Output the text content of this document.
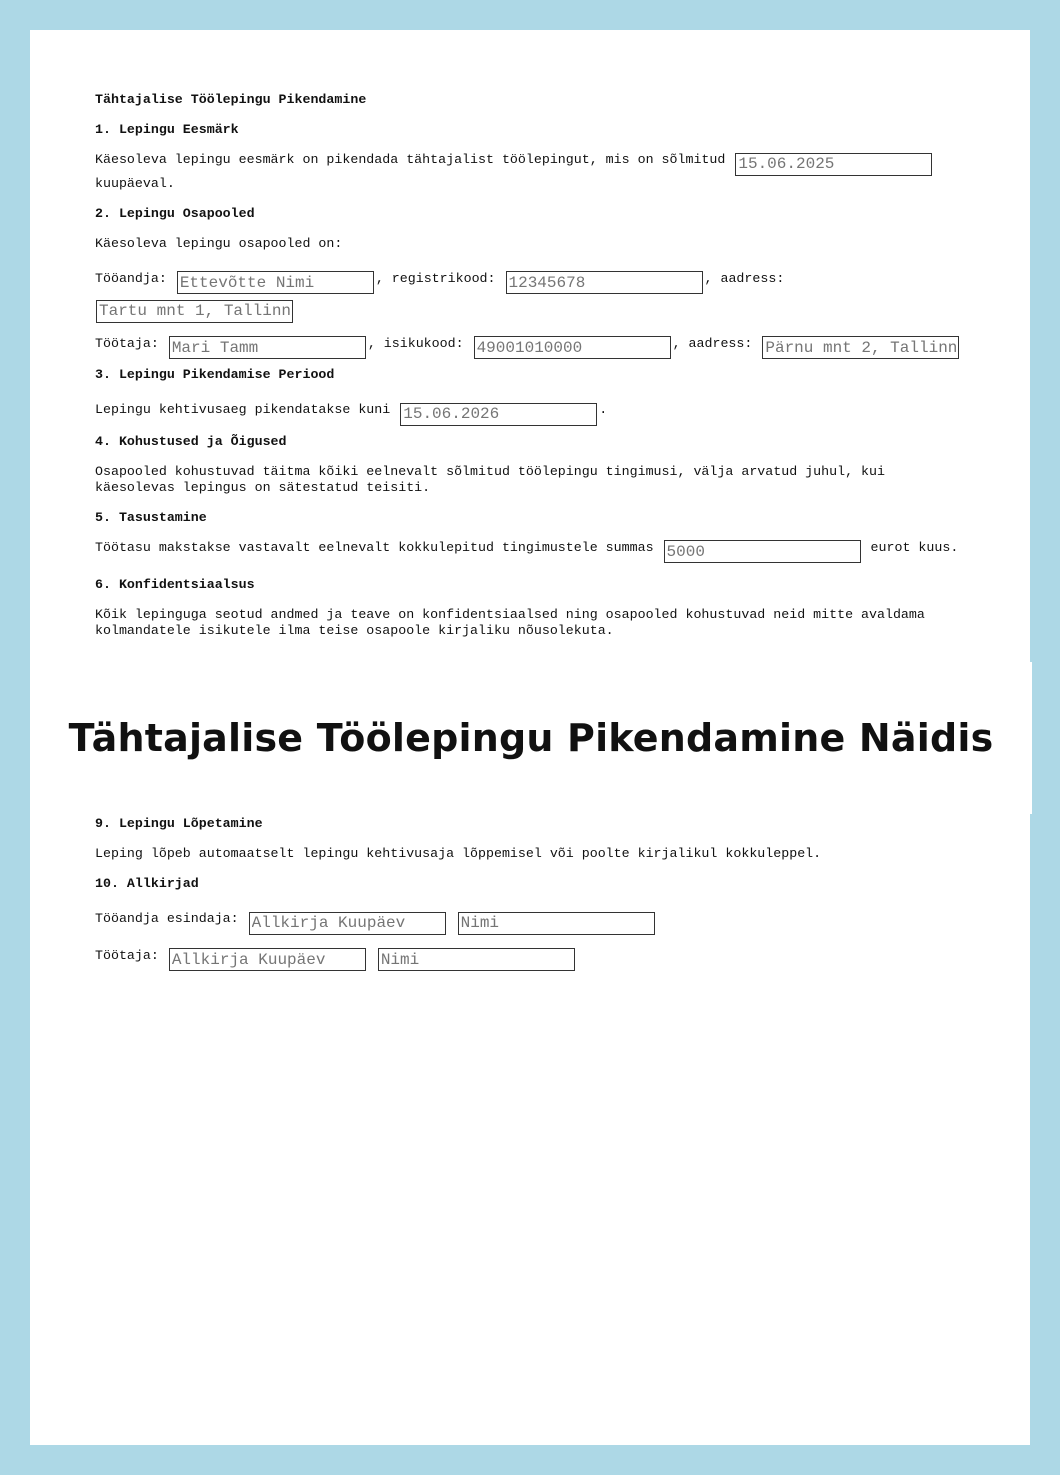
Tähtajalise Töölepingu Pikendamine
1. Lepingu Eesmärk
Käesoleva lepingu eesmärk on pikendada tähtajalist töölepingut, mis on sõlmitud 15.06.2025 kuupäeval.
2. Lepingu Osapooled
Käesoleva lepingu osapooled on:
Tööandja: Ettevõtte Nimi	, registrikood: 12345678	, aadress:
Tartu mnt 1, Tallinn
Töötaja: Mari Tamm	, isikukood: 49001010000	, aadress: Pärnu mnt 2, Tallinn
3. Lepingu Pikendamise Periood
Lepingu kehtivusaeg pikendatakse kuni 15.06.2026	.
4. Kohustused ja Õigused
Osapooled kohustuvad täitma kõiki eelnevalt sõlmitud töölepingu tingimusi, välja arvatud juhul, kui käesolevas lepingus on sätestatud teisiti.
5. Tasustamine
Töötasu makstakse vastavalt eelnevalt kokkulepitud tingimustele summas 5000	eurot kuus.
6. Konfidentsiaalsus
Kõik lepinguga seotud andmed ja teave on konfidentsiaalsed ning osapooled kohustuvad neid mitte avaldama kolmandatele isikutele ilma teise osapoole kirjaliku nõusolekuta.
Tähtajalise Töölepingu Pikendamine Näidis
9. Lepingu Lõpetamine
Leping lõpeb automaatselt lepingu kehtivusaja lõppemisel või poolte kirjalikul kokkuleppel.
10. Allkirjad
Tööandja esindaja: Allkirja Kuupäev Nimi
Töötaja: Allkirja Kuupäev Nimi
